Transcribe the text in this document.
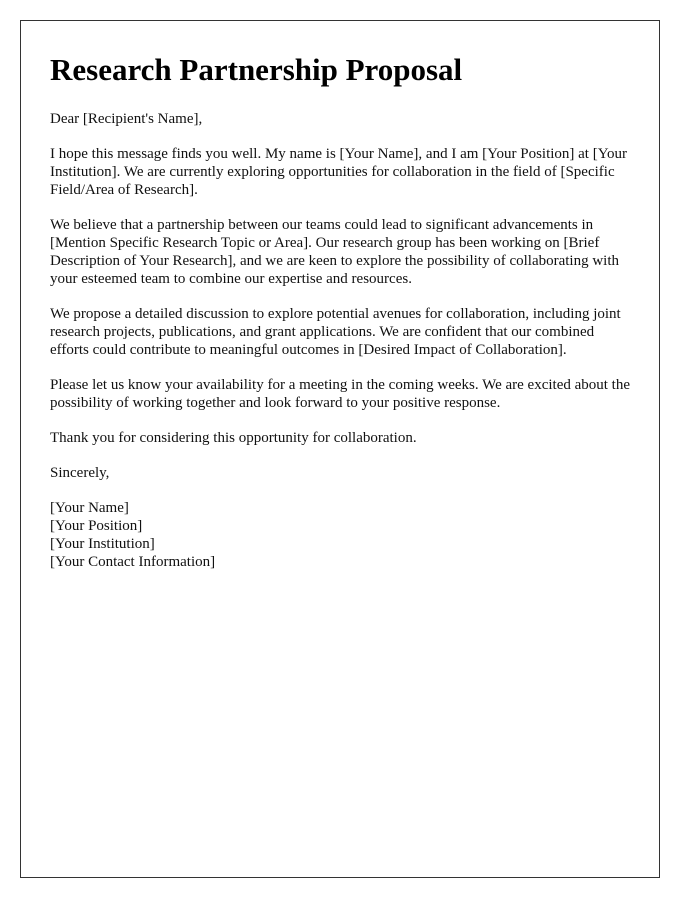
Research Partnership Proposal

Dear [Recipient's Name],

I hope this message finds you well. My name is [Your Name], and I am [Your Position] at [Your Institution]. We are currently exploring opportunities for collaboration in the field of [Specific Field/Area of Research].

We believe that a partnership between our teams could lead to significant advancements in [Mention Specific Research Topic or Area]. Our research group has been working on [Brief Description of Your Research], and we are keen to explore the possibility of collaborating with your esteemed team to combine our expertise and resources.

We propose a detailed discussion to explore potential avenues for collaboration, including joint research projects, publications, and grant applications. We are confident that our combined efforts could contribute to meaningful outcomes in [Desired Impact of Collaboration].

Please let us know your availability for a meeting in the coming weeks. We are excited about the possibility of working together and look forward to your positive response.

Thank you for considering this opportunity for collaboration.

Sincerely,

[Your Name]
[Your Position]
[Your Institution]
[Your Contact Information]
